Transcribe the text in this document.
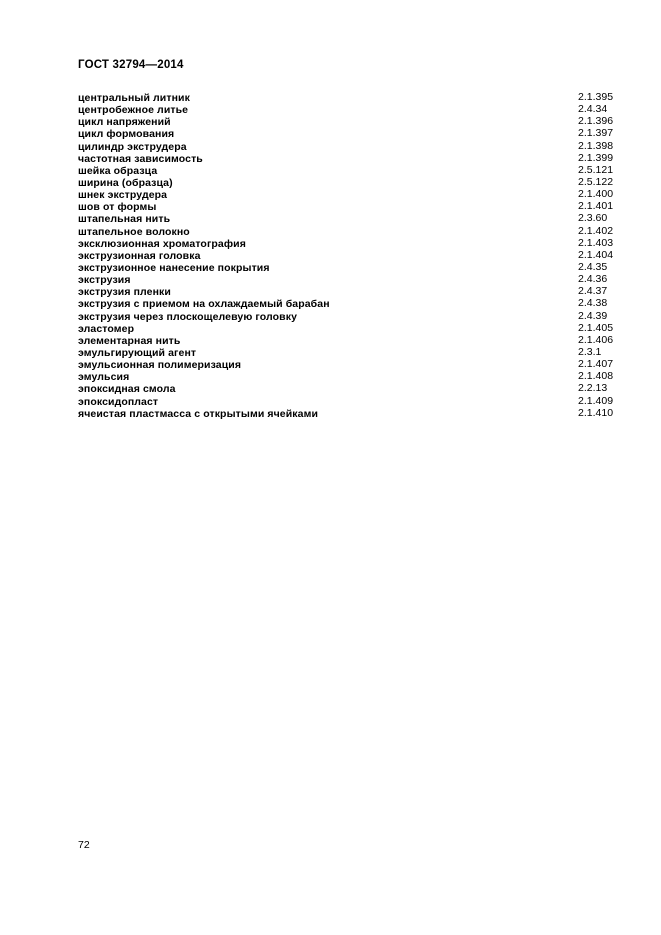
ГОСТ 32794—2014
центральный литник	2.1.395
центробежное литье	2.4.34
цикл напряжений	2.1.396
цикл формования	2.1.397
цилиндр экструдера	2.1.398
частотная зависимость	2.1.399
шейка образца	2.5.121
ширина (образца)	2.5.122
шнек экструдера	2.1.400
шов от формы	2.1.401
штапельная нить	2.3.60
штапельное волокно	2.1.402
эксклюзионная хроматография	2.1.403
экструзионная головка	2.1.404
экструзионное нанесение покрытия	2.4.35
экструзия	2.4.36
экструзия пленки	2.4.37
экструзия с приемом на охлаждаемый барабан	2.4.38
экструзия через плоскощелевую головку	2.4.39
эластомер	2.1.405
элементарная нить	2.1.406
эмульгирующий агент	2.3.1
эмульсионная полимеризация	2.1.407
эмульсия	2.1.408
эпоксидная смола	2.2.13
эпоксидопласт	2.1.409
ячеистая пластмасса с открытыми ячейками	2.1.410
72
